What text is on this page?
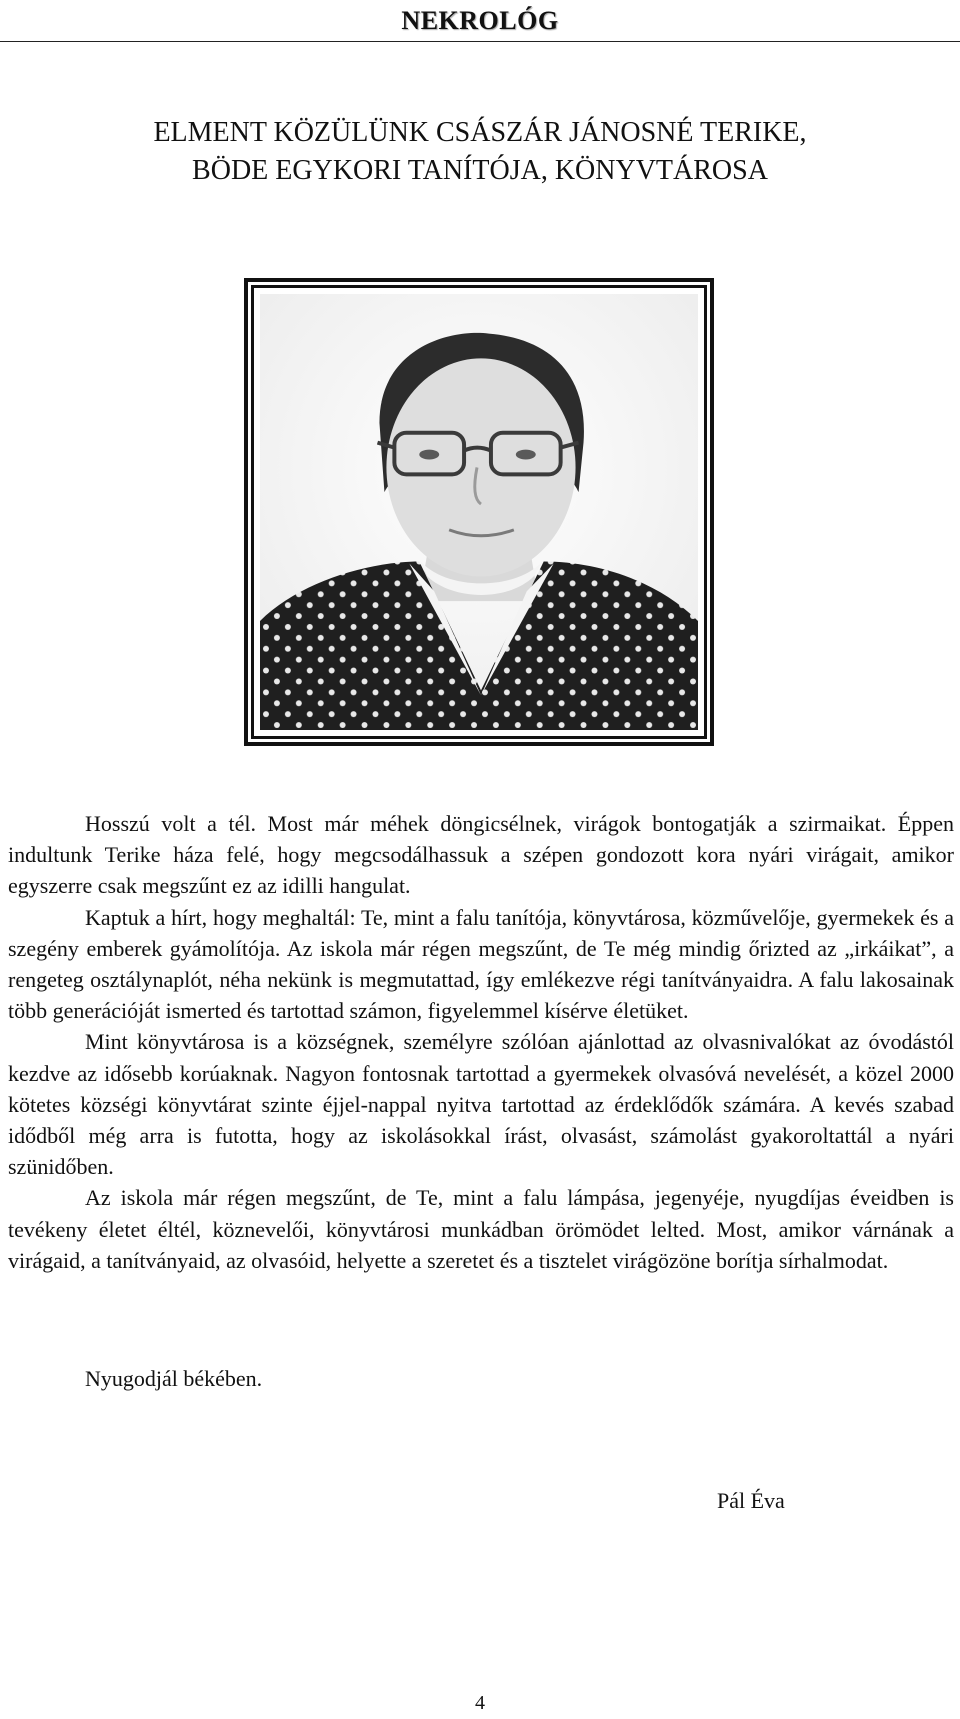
NEKROLÓG
ELMENT KÖZÜLÜNK CSÁSZÁR JÁNOSNÉ TERIKE,
BÖDE EGYKORI TANÍTÓJA, KÖNYVTÁROSA

Hosszú volt a tél. Most már méhek döngicsélnek, virágok bontogatják a szirmaikat. Éppen indultunk Terike háza felé, hogy megcsodálhassuk a szépen gondozott kora nyári virágait, amikor egyszerre csak megszűnt ez az idilli hangulat.

Kaptuk a hírt, hogy meghaltál: Te, mint a falu tanítója, könyvtárosa, közművelője, gyermekek és a szegény emberek gyámolítója. Az iskola már régen megszűnt, de Te még mindig őrizted az „irkáikat”, a rengeteg osztálynaplót, néha nekünk is megmutattad, így emlékezve régi tanítványaidra. A falu lakosainak több generációját ismerted és tartottad számon, figyelemmel kísérve életüket.

Mint könyvtárosa is a községnek, személyre szólóan ajánlottad az olvasnivalókat az óvodástól kezdve az idősebb korúaknak. Nagyon fontosnak tartottad a gyermekek olvasóvá nevelését, a közel 2000 kötetes községi könyvtárat szinte éjjel-nappal nyitva tartottad az érdeklődők számára. A kevés szabad idődből még arra is futotta, hogy az iskolásokkal írást, olvasást, számolást gyakoroltattál a nyári szünidőben.

Az iskola már régen megszűnt, de Te, mint a falu lámpása, jegenyéje, nyugdíjas éveidben is tevékeny életet éltél, köznevelői, könyvtárosi munkádban örömödet lelted. Most, amikor várnának a virágaid, a tanítványaid, az olvasóid, helyette a szeretet és a tisztelet virágözöne borítja sírhalmodat.

Nyugodjál békében.
Pál Éva
4
